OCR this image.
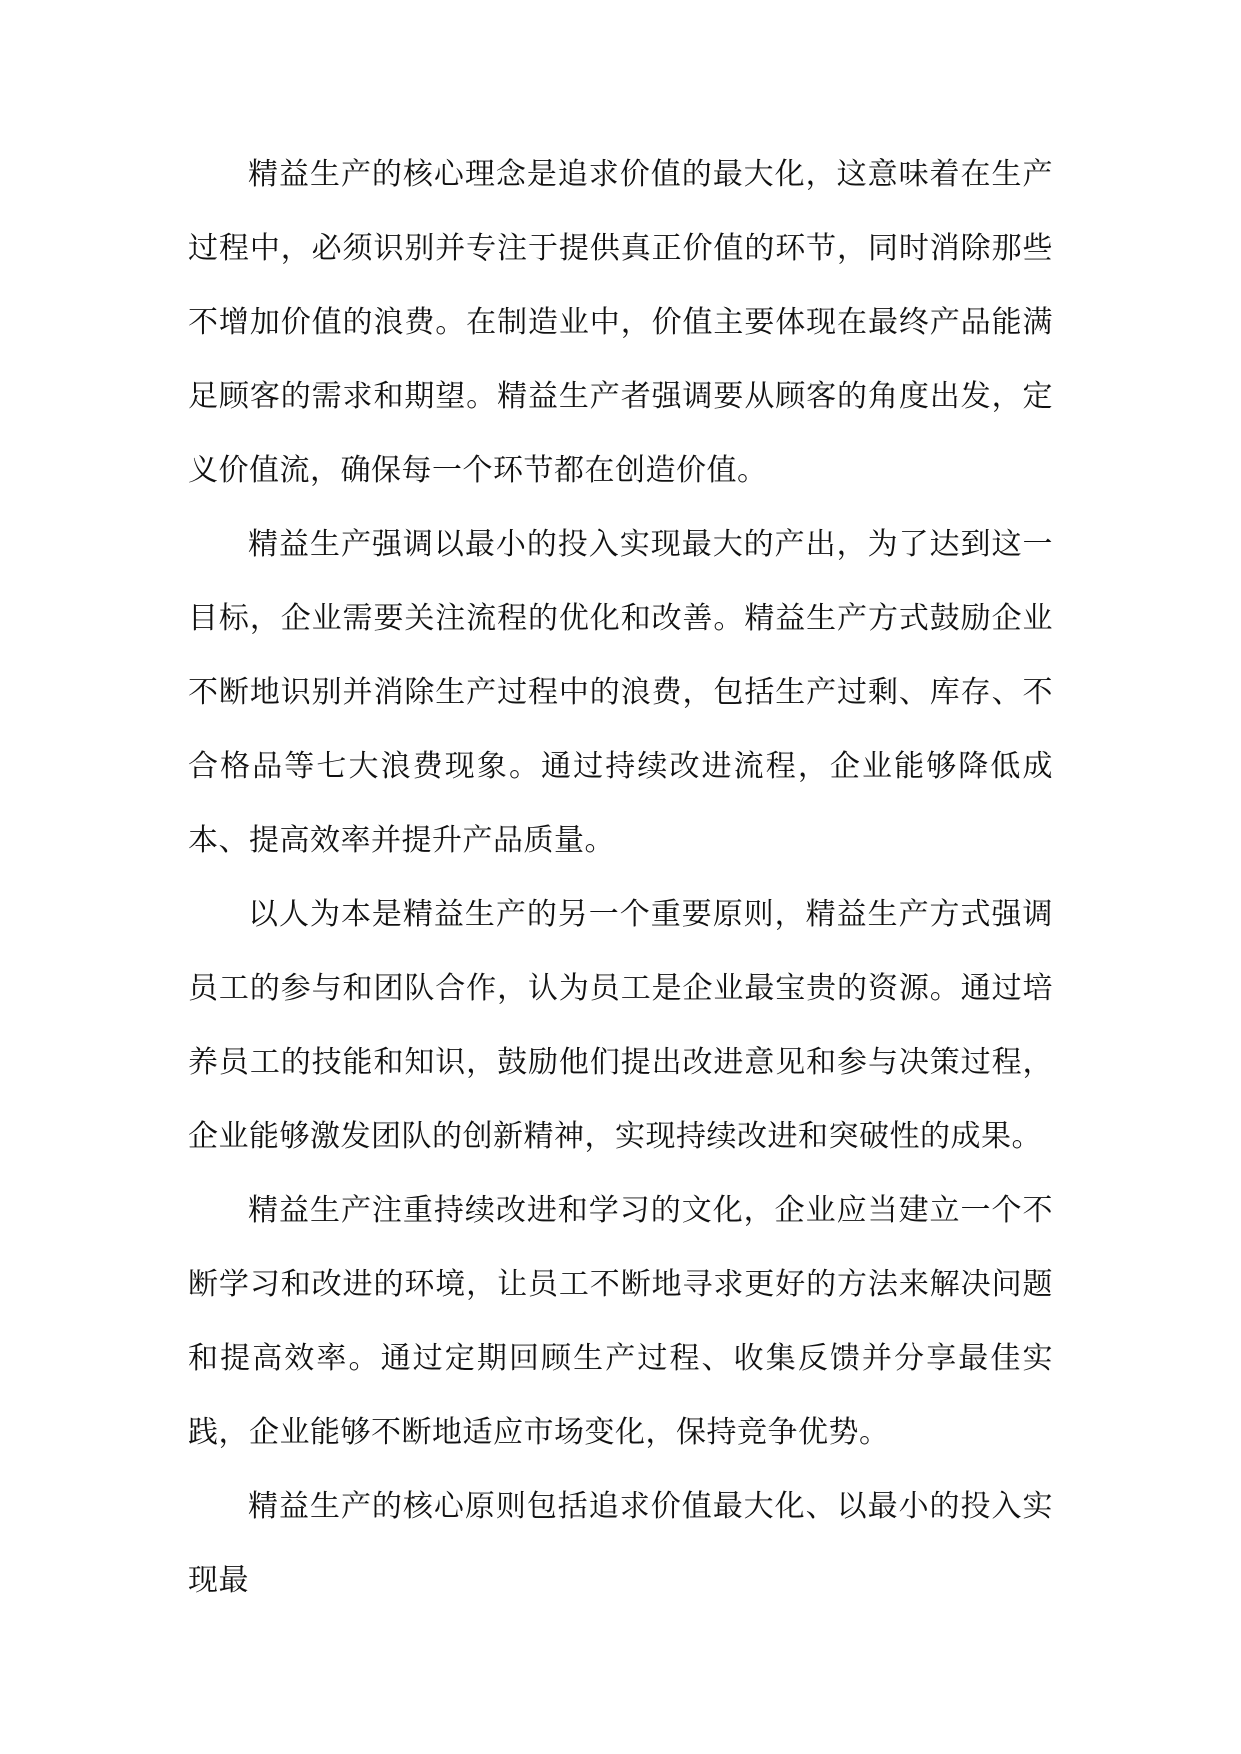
精益生产的核心理念是追求价值的最大化，这意味着在生产过程中，必须识别并专注于提供真正价值的环节，同时消除那些不增加价值的浪费。在制造业中，价值主要体现在最终产品能满足顾客的需求和期望。精益生产者强调要从顾客的角度出发，定义价值流，确保每一个环节都在创造价值。

精益生产强调以最小的投入实现最大的产出，为了达到这一目标，企业需要关注流程的优化和改善。精益生产方式鼓励企业不断地识别并消除生产过程中的浪费，包括生产过剩、库存、不合格品等七大浪费现象。通过持续改进流程，企业能够降低成本、提高效率并提升产品质量。

以人为本是精益生产的另一个重要原则，精益生产方式强调员工的参与和团队合作，认为员工是企业最宝贵的资源。通过培养员工的技能和知识，鼓励他们提出改进意见和参与决策过程，企业能够激发团队的创新精神，实现持续改进和突破性的成果。

精益生产注重持续改进和学习的文化，企业应当建立一个不断学习和改进的环境，让员工不断地寻求更好的方法来解决问题和提高效率。通过定期回顾生产过程、收集反馈并分享最佳实践，企业能够不断地适应市场变化，保持竞争优势。

精益生产的核心原则包括追求价值最大化、以最小的投入实现最
